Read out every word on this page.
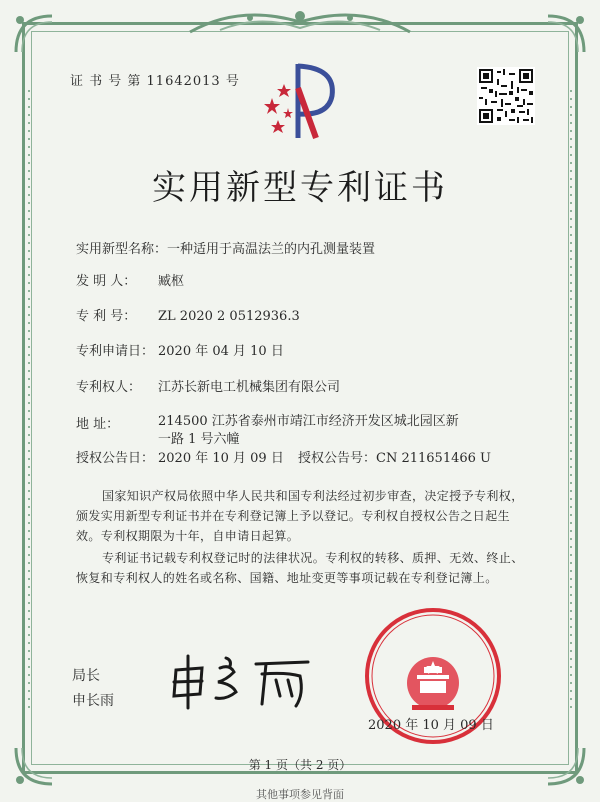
证 书 号 第 11642013 号
实用新型专利证书
实用新型名称：一种适用于高温法兰的内孔测量装置
发 明 人： 臧枢
专 利 号： ZL 2020 2 0512936.3
专利申请日： 2020 年 04 月 10 日
专利权人： 江苏长新电工机械集团有限公司
地 址：	214500 江苏省泰州市靖江市经济开发区城北园区新一路 1 号六幢
授权公告日： 2020 年 10 月 09 日 授权公告号：CN 211651466 U
国家知识产权局依照中华人民共和国专利法经过初步审查，决定授予专利权，颁发实用新型专利证书并在专利登记簿上予以登记。专利权自授权公告之日起生效。专利权期限为十年，自申请日起算。
专利证书记载专利权登记时的法律状况。专利权的转移、质押、无效、终止、恢复和专利权人的姓名或名称、国籍、地址变更等事项记载在专利登记簿上。
局长
申长雨
2020 年 10 月 09 日
第 1 页（共 2 页）
其他事项参见背面
